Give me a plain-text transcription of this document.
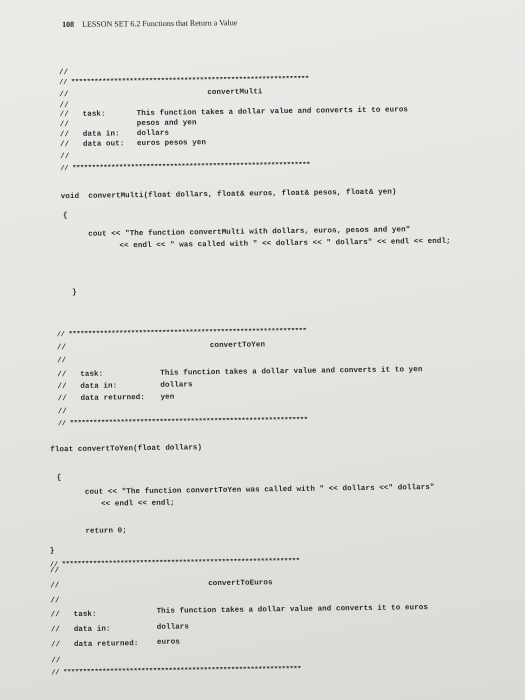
108 LESSON SET 6.2 Functions that Return a Value
//
// *************************************************************
//	convertMulti
//
//   task:	This function takes a dollar value and converts it to euros
//	pesos and yen
//   data in: dollars
//   data out: euros pesos yen
//
// *************************************************************
void  convertMulti(float dollars, float& euros, float& pesos, float& yen)
{
cout << "The function convertMulti with dollars, euros, pesos and yen"
<< endl << " was called with " << dollars << " dollars" << endl << endl;
}
// *************************************************************
//	convertToYen
//
//   task:	This function takes a dollar value and converts it to yen
//   data in:	dollars
//   data returned: yen
//
// *************************************************************
float convertToYen(float dollars)
{
cout << "The function convertToYen was called with " << dollars <<" dollars"
<< endl << endl;
return 0;
}
//
// *************************************************************
//	convertToEuros
//
//   task:	This function takes a dollar value and converts it to euros
//   data in:	dollars
//   data returned: euros
//
// *************************************************************
